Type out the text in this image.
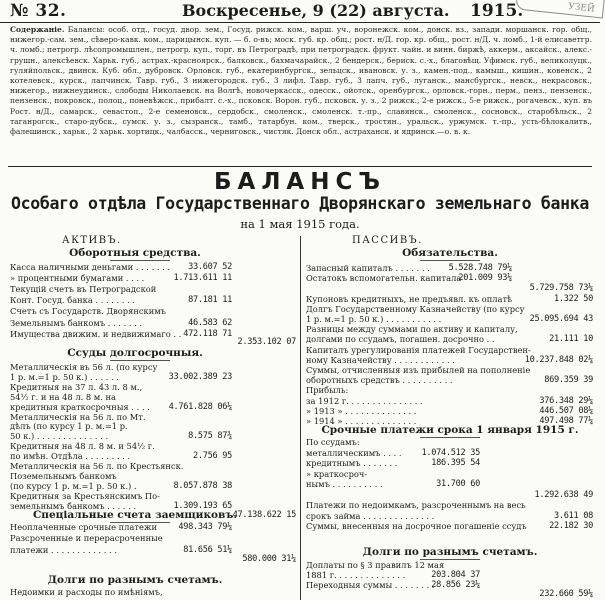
№ 32.	Воскресенье, 9 (22) августа. 1915.	УЗЕЙ
Содержаніе. Балансы: особ. отд., госуд. двор. зем., Госуд. рижск. ком., варш. уч., воронежск. ком., донск. вз., запади. моршанск. гор. общ., нижегор.-сам. зем., сѣверо-кавк. ком., царицынск. куп. — б. о-въ; моск. губ. кр. общ.; рост. н/Д. гор. кр. общ., рост. н/Д. ч. ломб., 1-й елисаветгр. ч. ломб.; петрогр. лѣсопромышлен., петрогр. куп., торг. въ Петроградѣ, при петроградск. фрукт. чайн. и винн. биржѣ, аккерм., аксайск., алекс.-грушн., алексѣевск. Харьк. губ., астрах.-красноярск., балковск., бахмачарайск., 2 бендерск., бериск. с.-х., благовѣщ. Уфимск. губ., великолуцк., гуляйпольск., двинск. Куб. обл., дубровск. Орловск. губ., екатеринбургск., зельцск., ивановск. у. з., камен.-под., камыш., кишин., ковенск., 2 котелевск., курск., лапчинск. Тавр. губ., 3 нижегородск. губ., 3 лифл. Тавр. губ., 3 лапч. губ., луганск., мансбургск., невск., некрасовск., нижегор., нижнеудинск., слободы Николаевск. на Волгѣ, новочеркасск., одесск., ойотск., оренбургск., орловск.-горн., перм., пенз., пензенск., пензенск., покровск., полоц., поневѣжск., прибалт. с.-х., псковск. Ворон. губ., псковск. у. з., 2 рижск., 2-е рижск., 5-е рижск., рогачевск., куп. въ Рост. н/Д., самарск., севастоп., 2-е семеновск., сердобск., смоленск., смоленск. т.-пр., славянск., смоленск., сосновск., старобѣльск., 2 таганрогск., старо-дубск., сумск. у. з., сызранск., тамб., татарбун. ком., тверск., тростян., уральск., уржумск. т.-пр., усть-бѣлокалитв., фалешинск., харьк., 2 харьк. хортицк., чалбасск., черниговск., чистяк. Донск обл., астраханск. и ядринск.—о. в. к.
БАЛАНСЪ
Особаго отдѣла Государственнаго Дворянскаго земельнаго банка
на 1 мая 1915 года.
АКТИВЪ.	ПАССИВЪ.
Оборотныя средства.
Касса наличными деньгами . . . . . . .	33.607 52
» процентными бумагами . . . .	1.713.611 11
Текущій счетъ въ Петроградской
Конт. Госуд. банка . . . . . . . .	87.181 11
Счетъ съ Государств. Дворянскимъ
Земельнымъ банкомъ . . . . . . .	46.583 62
Имущества движим. и недвижимаго . . 472.118 71
2.353.102 07
Ссуды долгосрочныя.
Металлическія въ 56 л. (по курсу
1 р. м.=1 р. 50 к.) . . . . . .	33.002.389 23
Кредитныя на 37 л. 43 л. 8 м.,
54½ г. и на 48 л. 8 м. на
кредитныя краткосрочныя . . . .	4.761.828 06¼
Металлическія на 56 л. по Мт.
дѣлъ (по курсу 1 р. м.=1 р.
50 к.) . . . . . . . . . . . . . .	8.575 87¾
Кредитныя на 48 л. 8 м. и 54½ г.
по имѣн. Отдѣла . . . . . . . . .	2.756 95
Металлическія на 56 л. по Крестьянск.
Поземельнымъ банкомъ
(по курсу 1 р. м.=1 р. 50 к.) .	8.057.878 38
Кредитныя за Крестьянскимъ По-
земельнымъ банкомъ . . . . . .	1.309.193 65
47.138.622 15
Спеціальные счета заемщиковъ.
Неоплаченные срочные платежи	498.343 79¼
Разсроченные и перерасроченные
платежи . . . . . . . . . . . . .	81.656 51¼
580.000 31¼
Долги по разнымъ счетамъ.
Недоимки и расходы по имѣніямъ,
Обязательства.
Запасный капиталъ . . . . . . .	5.528.748 79¼
Остатокъ вспомогательн. капитала
201.009 93¼
5.729.758 73¼
Купоновъ кредитныхъ, не предъявл. къ оплатѣ	1.322 50
Долгъ Государственному Казначейству (по курсу
1 р. м.=1 р. 50 к.) . . . . . . . . . . .	25.095.694 43
Разницы между суммами по активу и капиталу,
долгами по ссудамъ, погашен. досрочно . .	21.111 10
Капиталъ урегулированія платежей Государствен-
ному Казначейству . . . . . . . . . . . .	10.237.848 02¼
Суммы, отчисленныя изъ прибылей на пополненіе
оборотныхъ средствъ . . . . . . . . . .	869.359 39
Прибыль:
за 1912 г. . . . . . . . . . . . . . .	376.348 29¼
» 1913 » . . . . . . . . . . . . . .	446.507 08¼
» 1914 » . . . . . . . . . . . . . .	497.498 77¼
Срочные платежи срока 1 января 1915 г.
По ссудамъ:
металлическимъ . . . .	1.074.512 35
кредитнымъ . . . . . . .	186.395 54
» краткосроч-
нымъ . . . . . . . . . .	31.700 60
1.292.638 49
Платежи по недоимкамъ, разсроченнымъ на весь
срокъ займа . . . . . . . . . . . . . .	3.611 08
Суммы, внесенныя на досрочное погашеніе ссудъ	22.182 30
Долги по разнымъ счетамъ.
Доплаты по § 3 правилъ 12 мая
1881 г. . . . . . . . . . . . . .	203.804 37
Переходныя суммы . . . . . . . .
28.856 23¼
232.660 59¼
